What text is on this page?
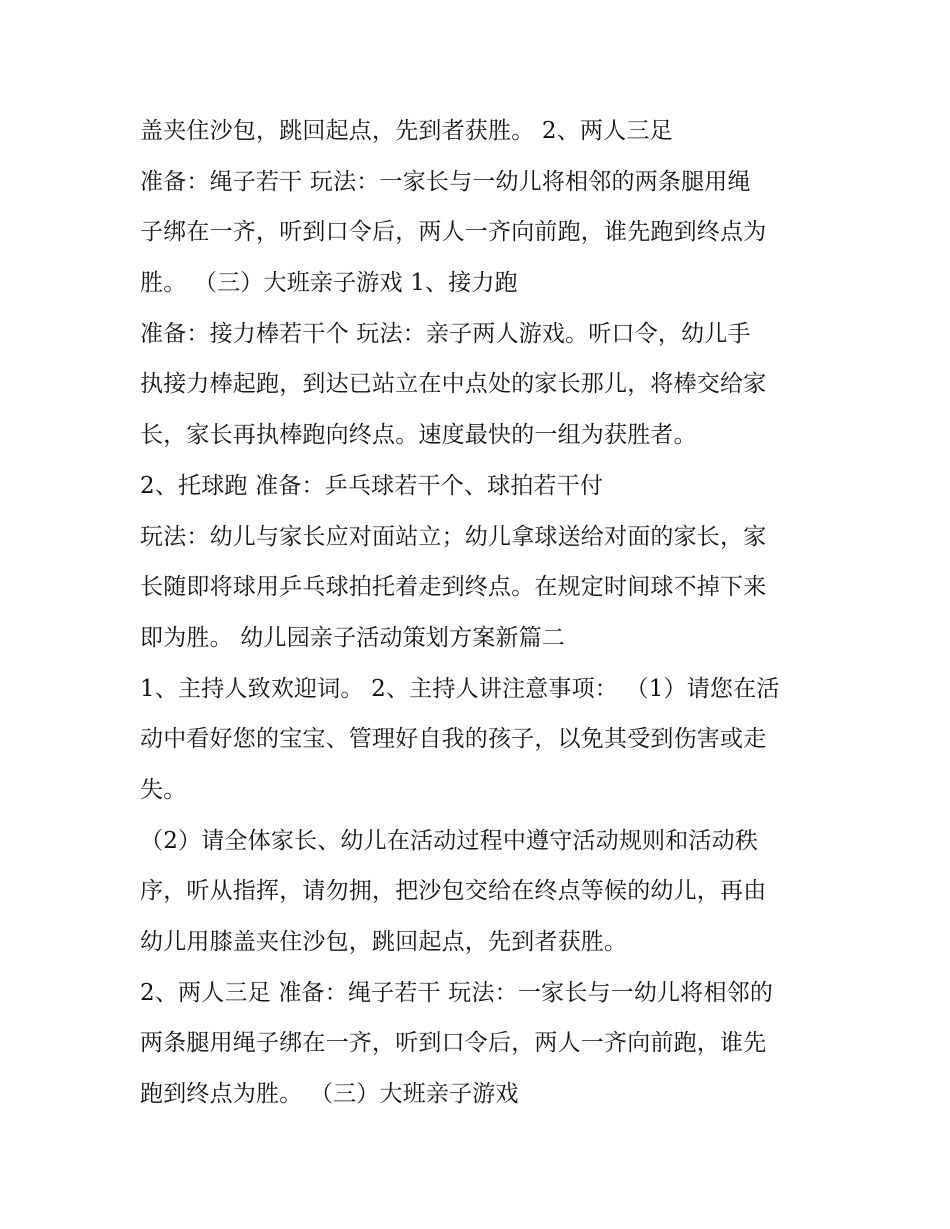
盖夹住沙包，跳回起点，先到者获胜。 2、两人三足
准备：绳子若干 玩法：一家长与一幼儿将相邻的两条腿用绳
子绑在一齐，听到口令后，两人一齐向前跑，谁先跑到终点为
胜。 （三）大班亲子游戏 1、接力跑
准备：接力棒若干个 玩法：亲子两人游戏。听口令，幼儿手
执接力棒起跑，到达已站立在中点处的家长那儿，将棒交给家
长，家长再执棒跑向终点。速度最快的一组为获胜者。
2、托球跑 准备：乒乓球若干个、球拍若干付
玩法：幼儿与家长应对面站立；幼儿拿球送给对面的家长，家
长随即将球用乒乓球拍托着走到终点。在规定时间球不掉下来
即为胜。 幼儿园亲子活动策划方案新篇二
1、主持人致欢迎词。 2、主持人讲注意事项： （1）请您在活
动中看好您的宝宝、管理好自我的孩子，以免其受到伤害或走
失。
（2）请全体家长、幼儿在活动过程中遵守活动规则和活动秩
序，听从指挥，请勿拥，把沙包交给在终点等候的幼儿，再由
幼儿用膝盖夹住沙包，跳回起点，先到者获胜。
2、两人三足 准备：绳子若干 玩法：一家长与一幼儿将相邻的
两条腿用绳子绑在一齐，听到口令后，两人一齐向前跑，谁先
跑到终点为胜。 （三）大班亲子游戏
